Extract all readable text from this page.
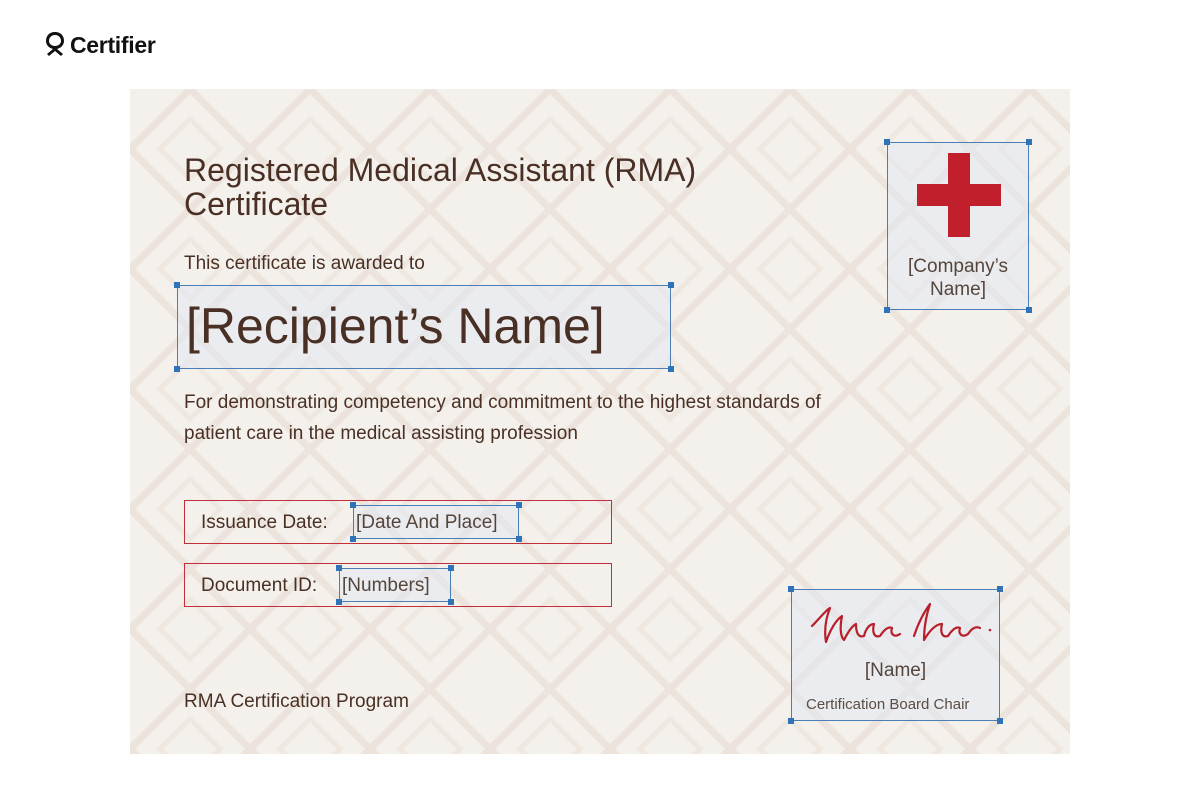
Certifier
Registered Medical Assistant (RMA) Certificate
This certificate is awarded to
[Recipient’s Name]
For demonstrating competency and commitment to the highest standards of patient care in the medical assisting profession
Issuance Date: [Date And Place]
Document ID: [Numbers]
[Company’s Name]
[Name]
Certification Board Chair
RMA Certification Program
